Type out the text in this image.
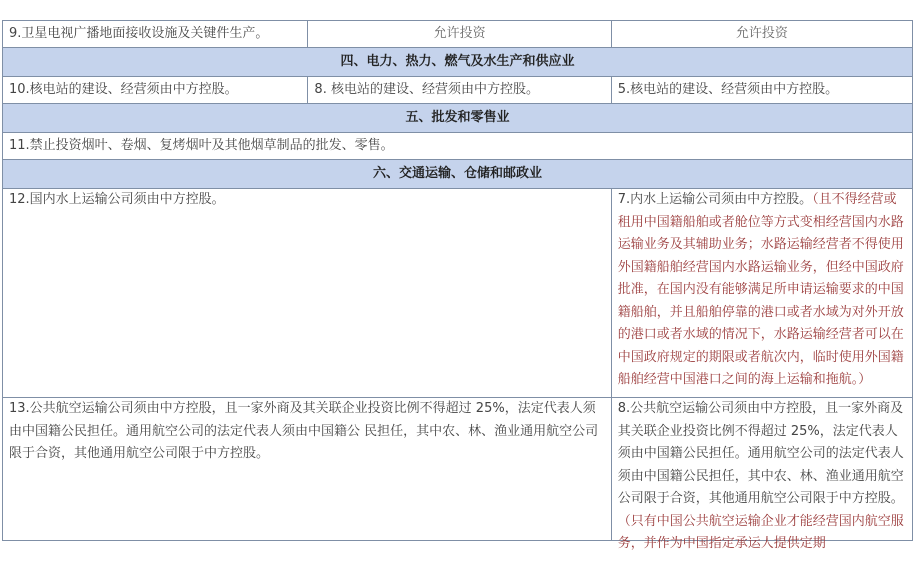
9.卫星电视广播地面接收设施及关键件生产。	允许投资	允许投资
四、电力、热力、燃气及水生产和供应业		
10.核电站的建设、经营须由中方控股。	8. 核电站的建设、经营须由中方控股。	5.核电站的建设、经营须由中方控股。
五、批发和零售业		
11.禁止投资烟叶、卷烟、复烤烟叶及其他烟草制品的批发、零售。		
六、交通运输、仓储和邮政业		
12.国内水上运输公司须由中方控股。		7.内水上运输公司须由中方控股。（且不得经营或租用中国籍船舶或者舱位等方式变相经营国内水路运输业务及其辅助业务；水路运输经营者不得使用外国籍船舶经营国内水路运输业务，但经中国政府批准，在国内没有能够满足所申请运输要求的中国籍船舶，并且船舶停靠的港口或者水域为对外开放的港口或者水域的情况下，水路运输经营者可以在中国政府规定的期限或者航次内，临时使用外国籍船舶经营中国港口之间的海上运输和拖航。）
13.公共航空运输公司须由中方控股，且一家外商及其关联企业投资比例不得超过 25%，法定代表人须由中国籍公民担任。通用航空公司的法定代表人须由中国籍公 民担任，其中农、林、渔业通用航空公司限于合资，其他通用航空公司限于中方控股。		8.公共航空运输公司须由中方控股，且一家外商及其关联企业投资比例不得超过 25%，法定代表人须由中国籍公民担任。通用航空公司的法定代表人须由中国籍公民担任，其中农、林、渔业通用航空公司限于合资，其他通用航空公司限于中方控股。（只有中国公共航空运输企业才能经营国内航空服务，并作为中国指定承运人提供定期
